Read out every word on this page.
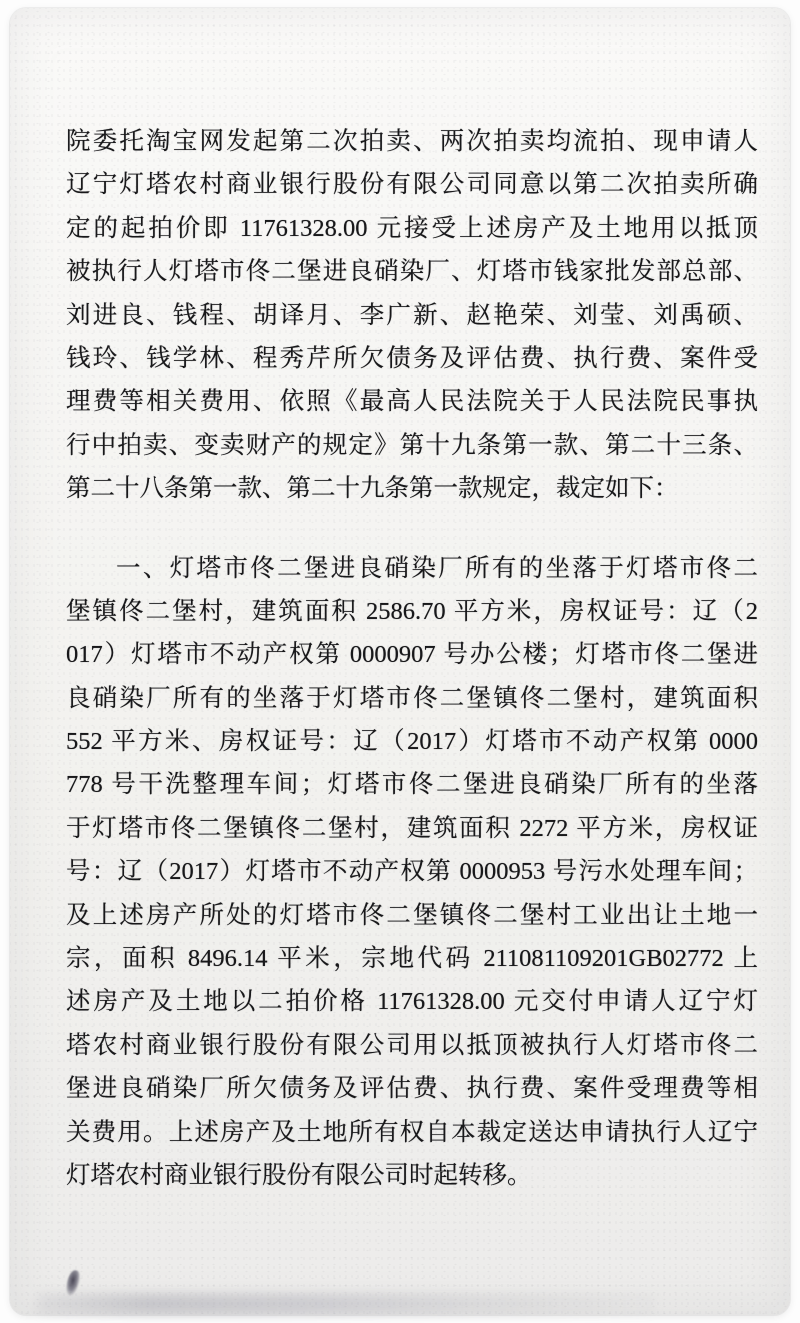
院委托淘宝网发起第二次拍卖、两次拍卖均流拍、现申请人
辽宁灯塔农村商业银行股份有限公司同意以第二次拍卖所确
定的起拍价即 11761328.00 元接受上述房产及土地用以抵顶
被执行人灯塔市佟二堡进良硝染厂、灯塔市钱家批发部总部、
刘进良、钱程、胡译月、李广新、赵艳荣、刘莹、刘禹硕、
钱玲、钱学林、程秀芹所欠债务及评估费、执行费、案件受
理费等相关费用、依照《最高人民法院关于人民法院民事执
行中拍卖、变卖财产的规定》第十九条第一款、第二十三条、
第二十八条第一款、第二十九条第一款规定，裁定如下：
一、灯塔市佟二堡进良硝染厂所有的坐落于灯塔市佟二
堡镇佟二堡村，建筑面积 2586.70 平方米，房权证号：辽（2
017）灯塔市不动产权第 0000907 号办公楼；灯塔市佟二堡进
良硝染厂所有的坐落于灯塔市佟二堡镇佟二堡村，建筑面积
552 平方米、房权证号：辽（2017）灯塔市不动产权第 0000
778 号干洗整理车间；灯塔市佟二堡进良硝染厂所有的坐落
于灯塔市佟二堡镇佟二堡村，建筑面积 2272 平方米，房权证
号：辽（2017）灯塔市不动产权第 0000953 号污水处理车间；
及上述房产所处的灯塔市佟二堡镇佟二堡村工业出让土地一
宗，面积 8496.14 平米，宗地代码 211081109201GB02772 上
述房产及土地以二拍价格 11761328.00 元交付申请人辽宁灯
塔农村商业银行股份有限公司用以抵顶被执行人灯塔市佟二
堡进良硝染厂所欠债务及评估费、执行费、案件受理费等相
关费用。上述房产及土地所有权自本裁定送达申请执行人辽宁
灯塔农村商业银行股份有限公司时起转移。
